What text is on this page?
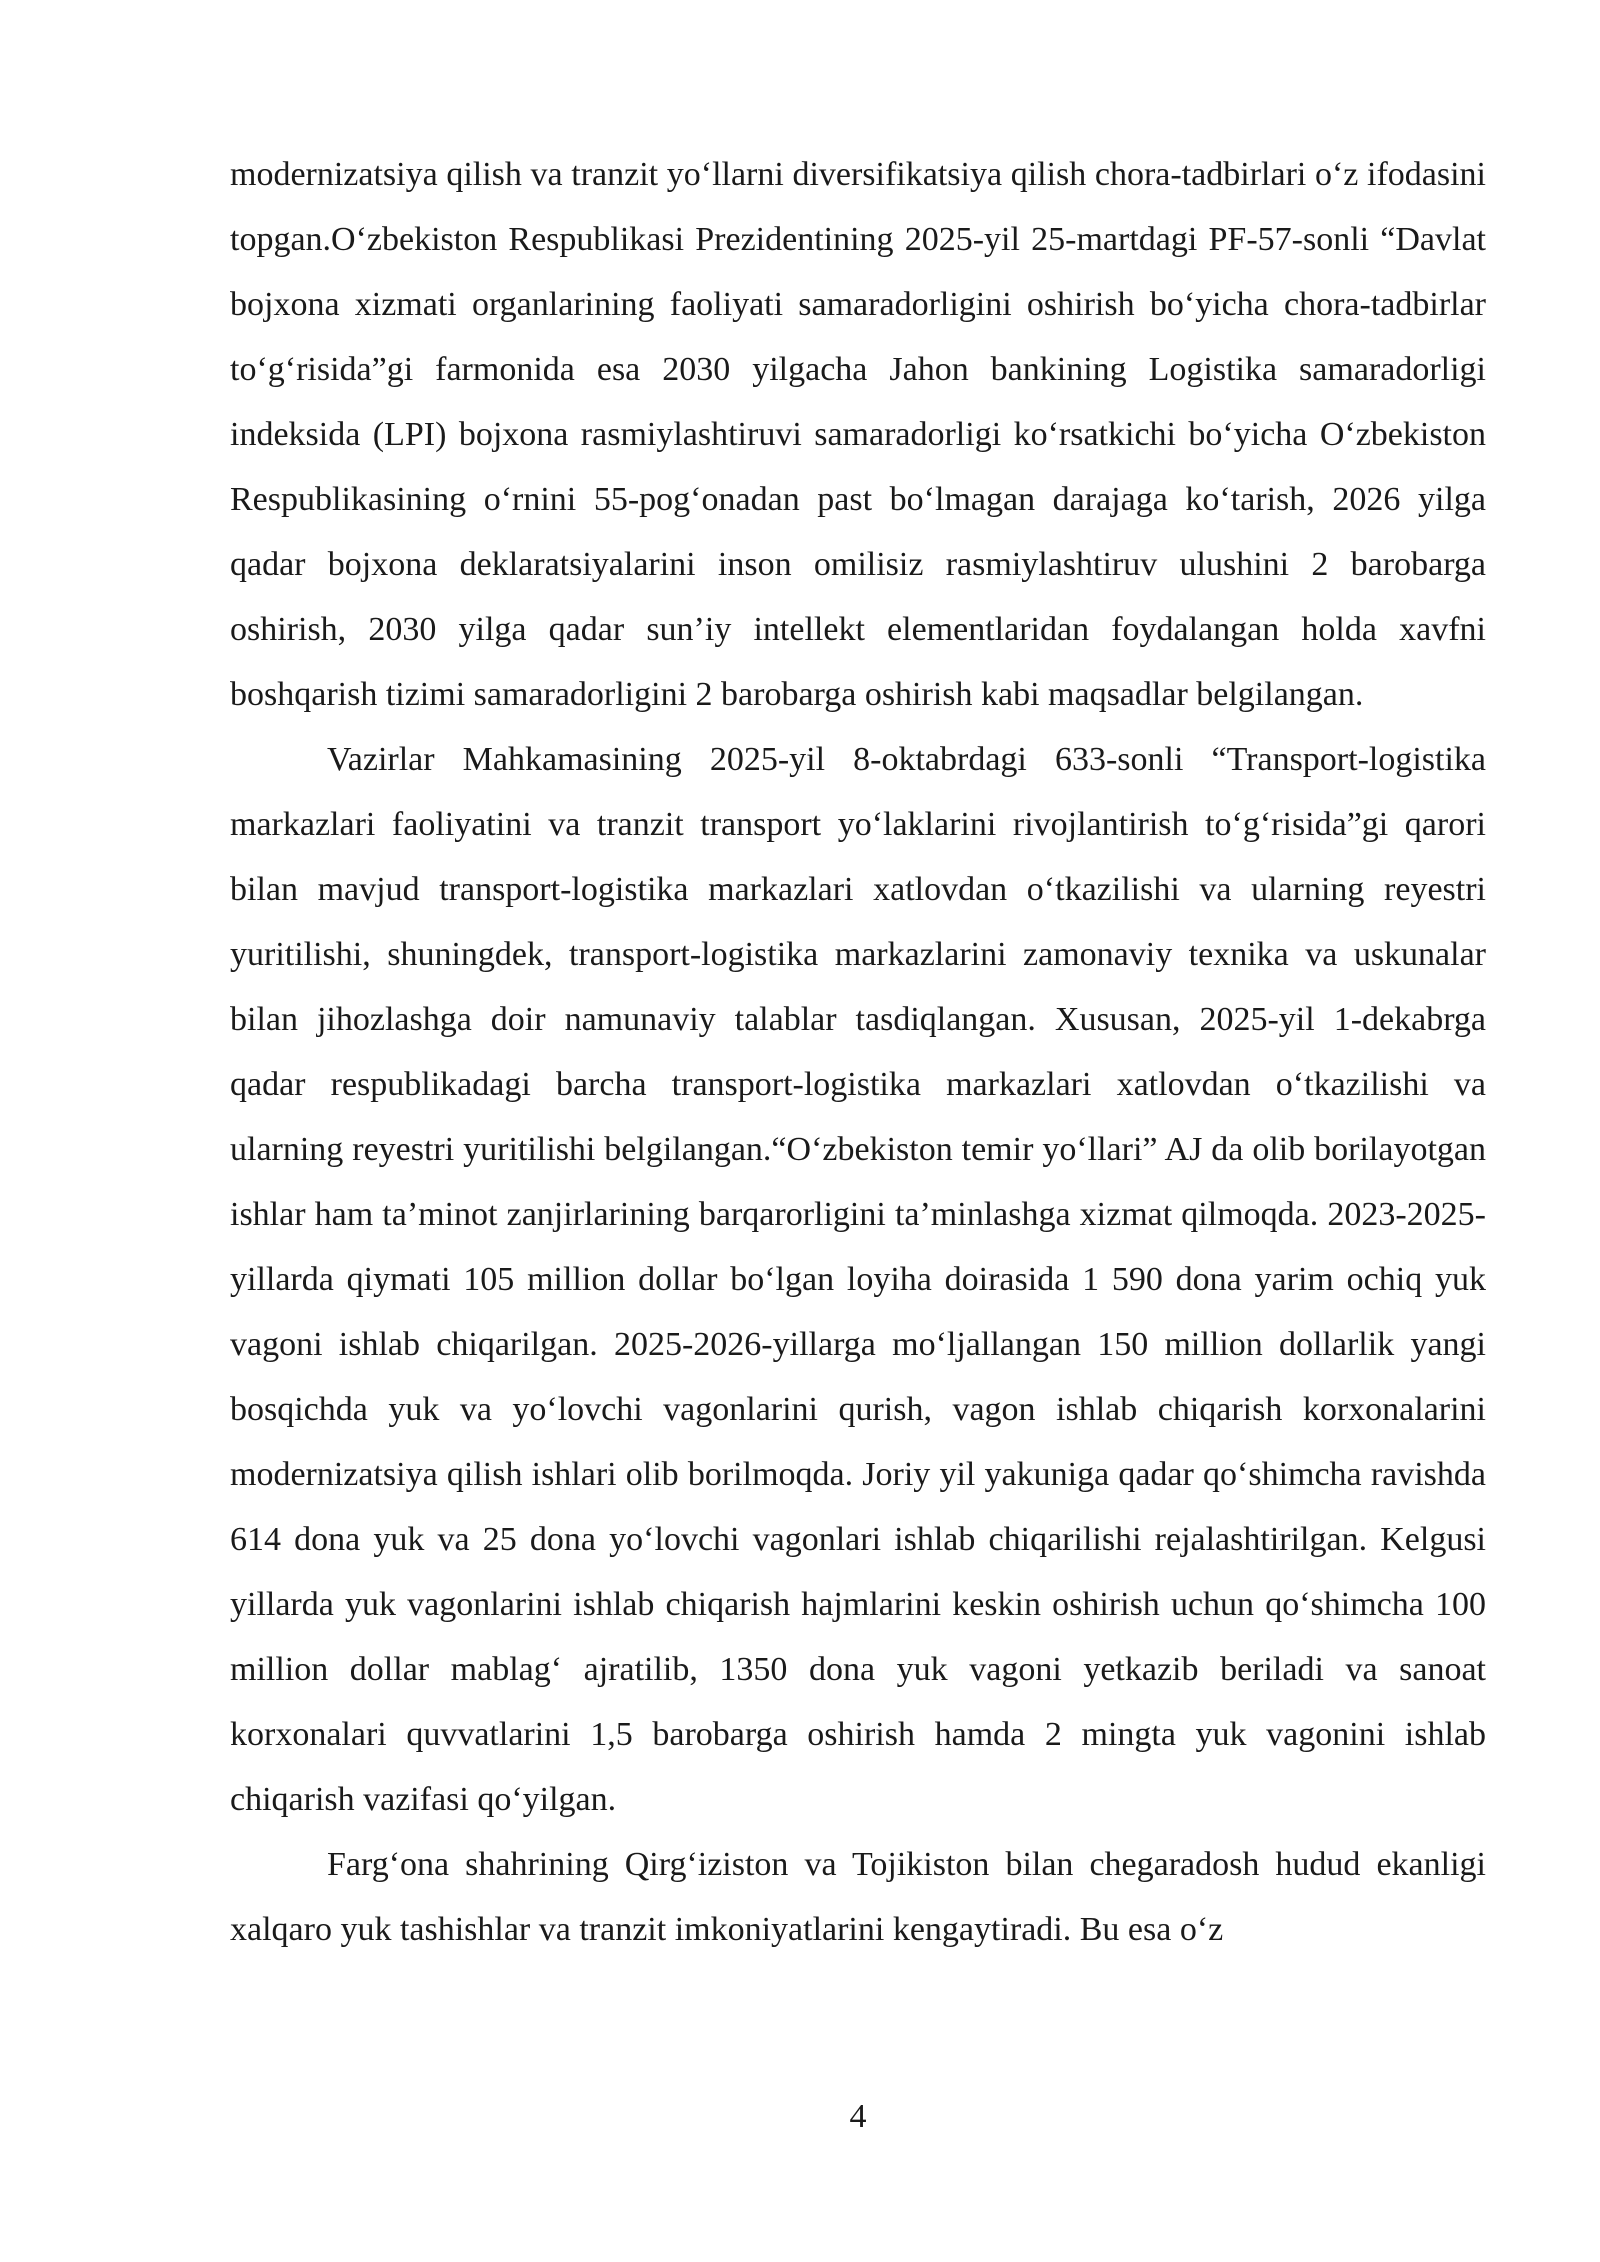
modernizatsiya qilish va tranzit yo‘llarni diversifikatsiya qilish chora-tadbirlari o‘z ifodasini topgan.O‘zbekiston Respublikasi Prezidentining 2025-yil 25-martdagi PF-57-sonli “Davlat bojxona xizmati organlarining faoliyati samaradorligini oshirish bo‘yicha chora-tadbirlar to‘g‘risida”gi farmonida esa 2030 yilgacha Jahon bankining Logistika samaradorligi indeksida (LPI) bojxona rasmiylashtiruvi samaradorligi ko‘rsatkichi bo‘yicha O‘zbekiston Respublikasining o‘rnini 55-pog‘onadan past bo‘lmagan darajaga ko‘tarish, 2026 yilga qadar bojxona deklaratsiyalarini inson omilisiz rasmiylashtiruv ulushini 2 barobarga oshirish, 2030 yilga qadar sun’iy intellekt elementlaridan foydalangan holda xavfni boshqarish tizimi samaradorligini 2 barobarga oshirish kabi maqsadlar belgilangan.

Vazirlar Mahkamasining 2025-yil 8-oktabrdagi 633-sonli “Transport-logistika markazlari faoliyatini va tranzit transport yo‘laklarini rivojlantirish to‘g‘risida”gi qarori bilan mavjud transport-logistika markazlari xatlovdan o‘tkazilishi va ularning reyestri yuritilishi, shuningdek, transport-logistika markazlarini zamonaviy texnika va uskunalar bilan jihozlashga doir namunaviy talablar tasdiqlangan. Xususan, 2025-yil 1-dekabrga qadar respublikadagi barcha transport-logistika markazlari xatlovdan o‘tkazilishi va ularning reyestri yuritilishi belgilangan.“O‘zbekiston temir yo‘llari” AJ da olib borilayotgan ishlar ham ta’minot zanjirlarining barqarorligini ta’minlashga xizmat qilmoqda. 2023-2025-yillarda qiymati 105 million dollar bo‘lgan loyiha doirasida 1 590 dona yarim ochiq yuk vagoni ishlab chiqarilgan. 2025-2026-yillarga mo‘ljallangan 150 million dollarlik yangi bosqichda yuk va yo‘lovchi vagonlarini qurish, vagon ishlab chiqarish korxonalarini modernizatsiya qilish ishlari olib borilmoqda. Joriy yil yakuniga qadar qo‘shimcha ravishda 614 dona yuk va 25 dona yo‘lovchi vagonlari ishlab chiqarilishi rejalashtirilgan. Kelgusi yillarda yuk vagonlarini ishlab chiqarish hajmlarini keskin oshirish uchun qo‘shimcha 100 million dollar mablag‘ ajratilib, 1350 dona yuk vagoni yetkazib beriladi va sanoat korxonalari quvvatlarini 1,5 barobarga oshirish hamda 2 mingta yuk vagonini ishlab chiqarish vazifasi qo‘yilgan.

Farg‘ona shahrining Qirg‘iziston va Tojikiston bilan chegaradosh hudud ekanligi xalqaro yuk tashishlar va tranzit imkoniyatlarini kengaytiradi. Bu esa o‘z

4
